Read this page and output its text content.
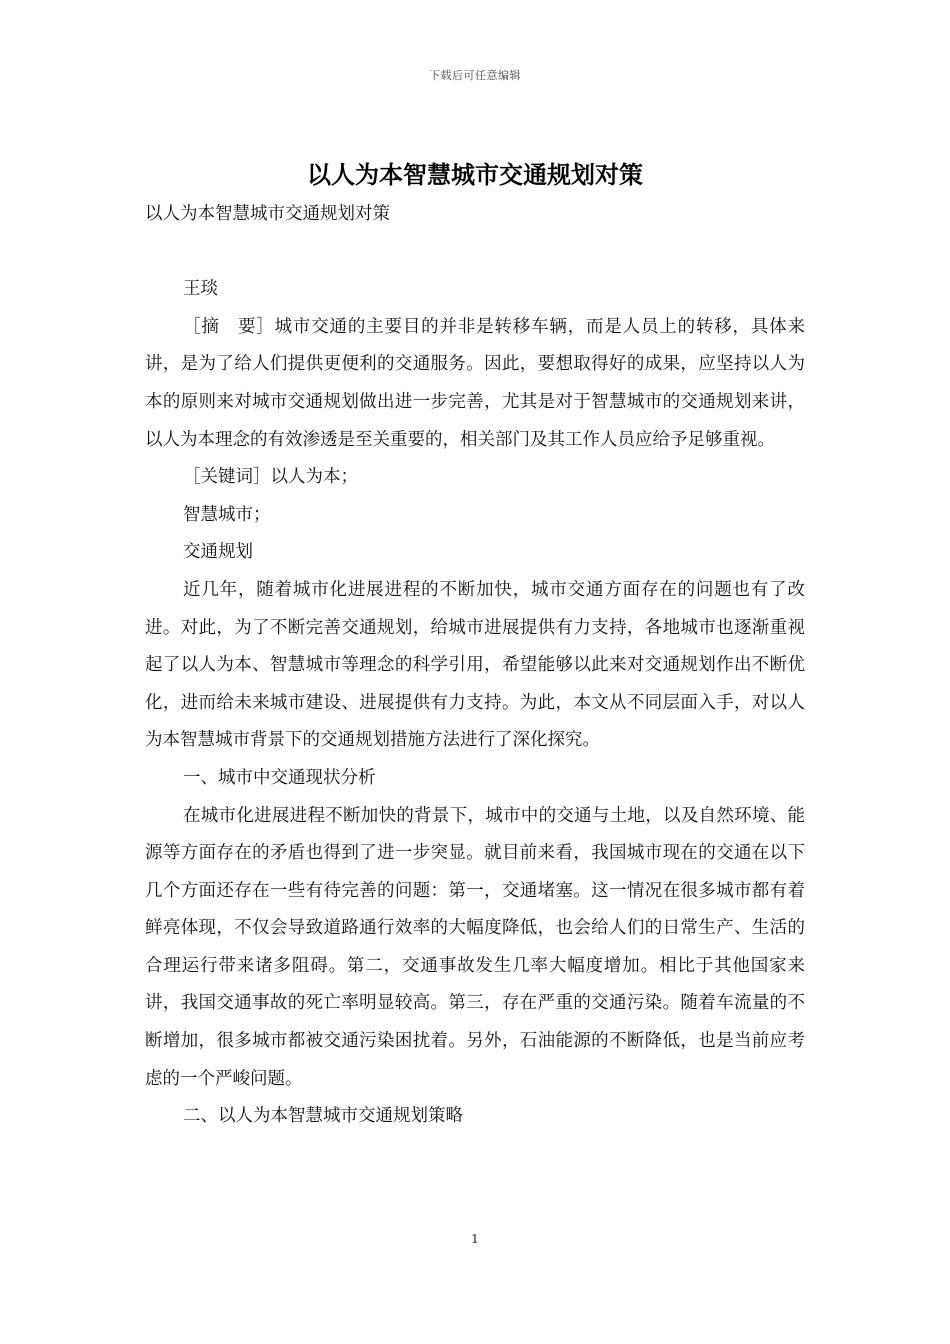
下载后可任意编辑
以人为本智慧城市交通规划对策

以人为本智慧城市交通规划对策

王琰

［摘　要］城市交通的主要目的并非是转移车辆，而是人员上的转移，具体来讲，是为了给人们提供更便利的交通服务。因此，要想取得好的成果，应坚持以人为本的原则来对城市交通规划做出进一步完善，尤其是对于智慧城市的交通规划来讲，以人为本理念的有效渗透是至关重要的，相关部门及其工作人员应给予足够重视。

［关键词］以人为本；

智慧城市；

交通规划

近几年，随着城市化进展进程的不断加快，城市交通方面存在的问题也有了改进。对此，为了不断完善交通规划，给城市进展提供有力支持，各地城市也逐渐重视起了以人为本、智慧城市等理念的科学引用，希望能够以此来对交通规划作出不断优化，进而给未来城市建设、进展提供有力支持。为此，本文从不同层面入手，对以人为本智慧城市背景下的交通规划措施方法进行了深化探究。

一、城市中交通现状分析

在城市化进展进程不断加快的背景下，城市中的交通与土地，以及自然环境、能源等方面存在的矛盾也得到了进一步突显。就目前来看，我国城市现在的交通在以下几个方面还存在一些有待完善的问题：第一，交通堵塞。这一情况在很多城市都有着鲜亮体现，不仅会导致道路通行效率的大幅度降低，也会给人们的日常生产、生活的合理运行带来诸多阻碍。第二，交通事故发生几率大幅度增加。相比于其他国家来讲，我国交通事故的死亡率明显较高。第三，存在严重的交通污染。随着车流量的不断增加，很多城市都被交通污染困扰着。另外，石油能源的不断降低，也是当前应考虑的一个严峻问题。

二、以人为本智慧城市交通规划策略

1
